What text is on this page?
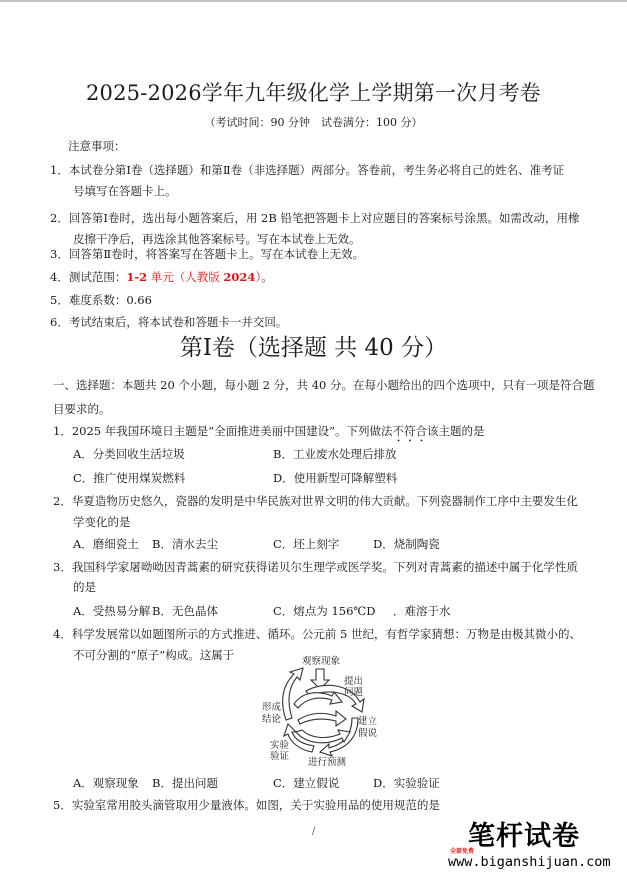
2025-2026学年九年级化学上学期第一次月考卷
（考试时间：90 分钟　试卷满分：100 分）
注意事项：
1．本试卷分第Ⅰ卷（选择题）和第Ⅱ卷（非选择题）两部分。答卷前，考生务必将自己的姓名、准考证
号填写在答题卡上。
2．回答第Ⅰ卷时，选出每小题答案后，用 2B 铅笔把答题卡上对应题目的答案标号涂黑。如需改动，用橡
皮擦干净后，再选涂其他答案标号。写在本试卷上无效。
3．回答第Ⅱ卷时，将答案写在答题卡上。写在本试卷上无效。
4．测试范围：1-2 单元（人教版 2024）。
5．难度系数：0.66
6．考试结束后，将本试卷和答题卡一并交回。
第Ⅰ卷（选择题 共 40 分）
一、选择题：本题共 20 个小题，每小题 2 分，共 40 分。在每小题给出的四个选项中，只有一项是符合题
目要求的。
1．2025 年我国环境日主题是“全面推进美丽中国建设”。下列做法不符合该主题的是
A．分类回收生活垃圾	B．工业废水处理后排放
C．推广使用煤炭燃料	D．使用新型可降解塑料
2．华夏造物历史悠久，瓷器的发明是中华民族对世界文明的伟大贡献。下列瓷器制作工序中主要发生化
学变化的是
A．磨细瓷土 B．清水去尘	C．坯上刻字	D．烧制陶瓷
3．我国科学家屠呦呦因青蒿素的研究获得诺贝尔生理学或医学奖。下列对青蒿素的描述中属于化学性质
的是
A．受热易分解 B．无色晶体	C．熔点为 156℃D ．难溶于水
4．科学发展常以如题图所示的方式推进、循环。公元前 5 世纪，有哲学家猜想：万物是由极其微小的、
不可分割的“原子”构成。这属于	观察现象
提出
问题
建立
假说
进行预测
实验
验证
形成
结论
A．观察现象 B．提出问题	C．建立假说	D．实验验证
5．实验室常用胶头滴管取用少量液体。如图，关于实验用品的使用规范的是
/	笔杆试卷
全部免费
www.biganshijuan.com
